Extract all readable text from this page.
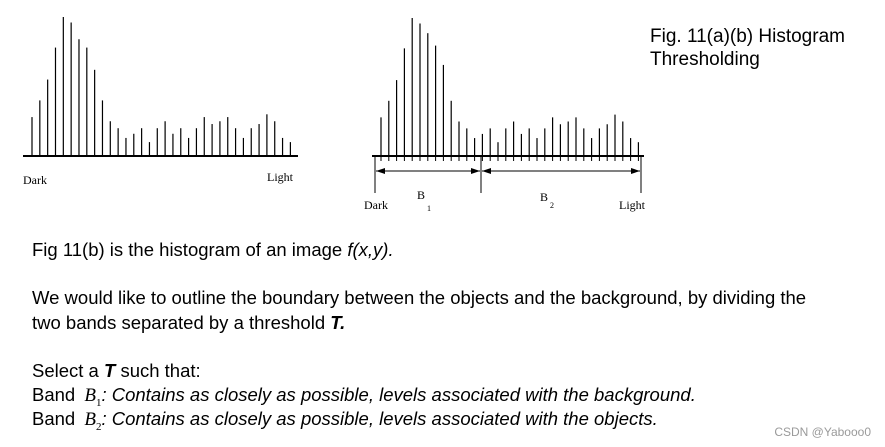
Dark	Light
B
1
B
2
Dark	Light
Fig. 11(a)(b) Histogram
Thresholding
Fig 11(b) is the histogram of an image f(x,y).
We would like to outline the boundary between the objects and the background, by dividing the
two bands separated by a threshold T.
Select a T such that:
Band $B_1$: Contains as closely as possible, levels associated with the background.
Band $B_2$: Contains as closely as possible, levels associated with the objects.
CSDN @Yabooo0
